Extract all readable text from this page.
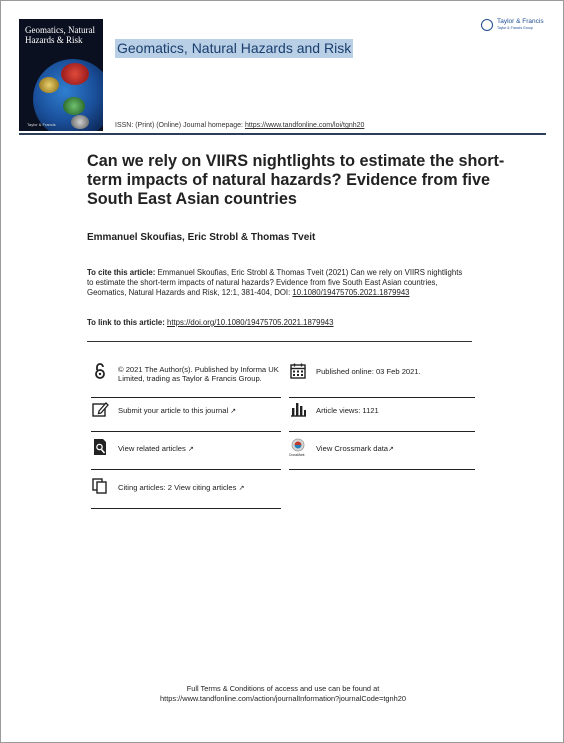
Geomatics, Natural Hazards & Risk
Taylor & Francis
Geomatics, Natural Hazards and Risk
Taylor & Francis
Taylor & Francis Group
ISSN: (Print) (Online) Journal homepage: https://www.tandfonline.com/loi/tgnh20
Can we rely on VIIRS nightlights to estimate the short-term impacts of natural hazards? Evidence from five South East Asian countries
Emmanuel Skoufias, Eric Strobl & Thomas Tveit
To cite this article: Emmanuel Skoufias, Eric Strobl & Thomas Tveit (2021) Can we rely on VIIRS nightlights to estimate the short-term impacts of natural hazards? Evidence from five South East Asian countries, Geomatics, Natural Hazards and Risk, 12:1, 381-404, DOI: 10.1080/19475705.2021.1879943
To link to this article: https://doi.org/10.1080/19475705.2021.1879943
© 2021 The Author(s). Published by Informa UK Limited, trading as Taylor & Francis Group.
Published online: 03 Feb 2021.
Submit your article to this journal ↗	Article views: 1121
View related articles ↗
CrossMark
View Crossmark data↗
Citing articles: 2 View citing articles ↗
Full Terms & Conditions of access and use can be found at
https://www.tandfonline.com/action/journalInformation?journalCode=tgnh20
